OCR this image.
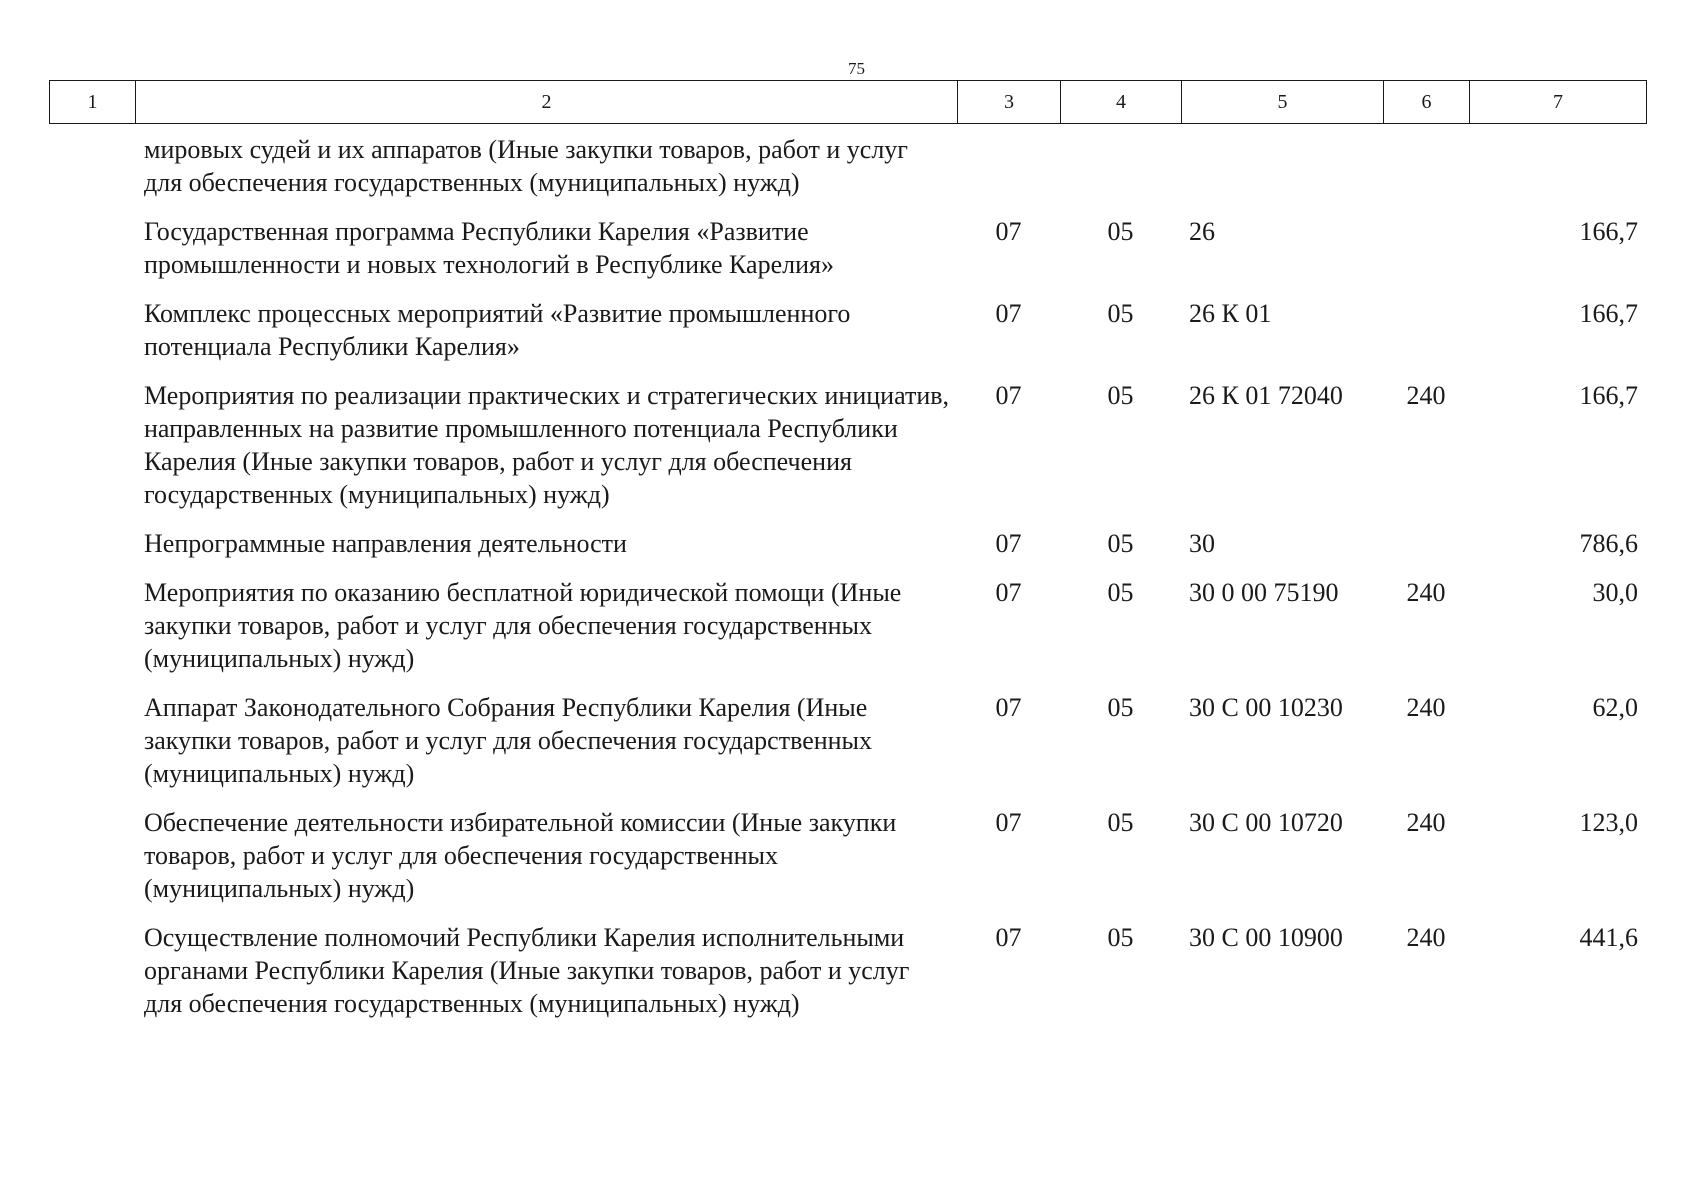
75
1	2	3	4	5	6	7
мировых судей и их аппаратов (Иные закупки товаров, работ и услуг для обеспечения государственных (муниципальных) нужд)					
Государственная программа Республики Карелия «Развитие промышленности и новых технологий в Республике Карелия»	07	05	26		166,7
Комплекс процессных мероприятий «Развитие промышленного потенциала Республики Карелия»	07	05	26 К 01		166,7
Мероприятия по реализации практических и стратегических инициатив, направленных на развитие промышленного потенциала Республики Карелия (Иные закупки товаров, работ и услуг для обеспечения государственных (муниципальных) нужд)	07	05	26 К 01 72040	240	166,7
Непрограммные направления деятельности	07	05	30		786,6
Мероприятия по оказанию бесплатной юридической помощи (Иные закупки товаров, работ и услуг для обеспечения государственных (муниципальных) нужд)	07	05	30 0 00 75190	240	30,0
Аппарат Законодательного Собрания Республики Карелия (Иные закупки товаров, работ и услуг для обеспечения государственных (муниципальных) нужд)	07	05	30 С 00 10230	240	62,0
Обеспечение деятельности избирательной комиссии (Иные закупки товаров, работ и услуг для обеспечения государственных (муниципальных) нужд)	07	05	30 С 00 10720	240	123,0
Осуществление полномочий Республики Карелия исполнительными органами Республики Карелия (Иные закупки товаров, работ и услуг для обеспечения государственных (муниципальных) нужд)	07	05	30 С 00 10900	240	441,6
